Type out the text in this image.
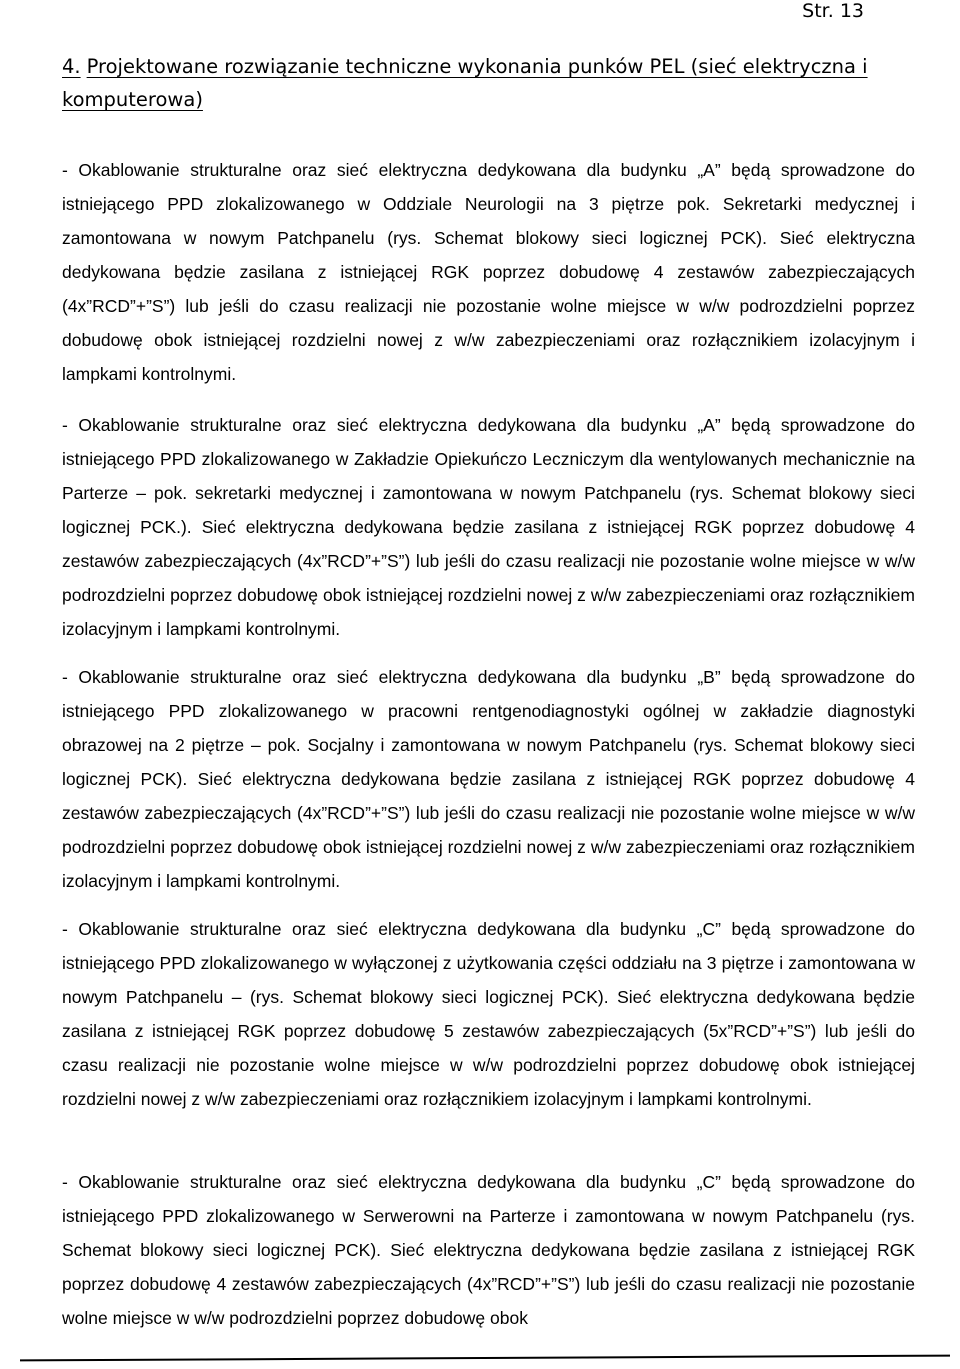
Str. 13
4. Projektowane rozwiązanie techniczne wykonania punków PEL (sieć elektryczna i komputerowa)

- Okablowanie strukturalne oraz sieć elektryczna dedykowana dla budynku „A” będą sprowadzone do istniejącego PPD zlokalizowanego w Oddziale Neurologii na 3 piętrze pok. Sekretarki medycznej i zamontowana w nowym Patchpanelu (rys. Schemat blokowy sieci logicznej PCK). Sieć elektryczna dedykowana będzie zasilana z istniejącej RGK poprzez dobudowę 4 zestawów zabezpieczających (4x”RCD”+”S”) lub jeśli do czasu realizacji nie pozostanie wolne miejsce w w/w podrozdzielni poprzez dobudowę obok istniejącej rozdzielni nowej z w/w zabezpieczeniami oraz rozłącznikiem izolacyjnym i lampkami kontrolnymi.

- Okablowanie strukturalne oraz sieć elektryczna dedykowana dla budynku „A” będą sprowadzone do istniejącego PPD zlokalizowanego w Zakładzie Opiekuńczo Leczniczym dla wentylowanych mechanicznie na Parterze – pok. sekretarki medycznej i zamontowana w nowym Patchpanelu (rys. Schemat blokowy sieci logicznej PCK.). Sieć elektryczna dedykowana będzie zasilana z istniejącej RGK poprzez dobudowę 4 zestawów zabezpieczających (4x”RCD”+”S”) lub jeśli do czasu realizacji nie pozostanie wolne miejsce w w/w podrozdzielni poprzez dobudowę obok istniejącej rozdzielni nowej z w/w zabezpieczeniami oraz rozłącznikiem izolacyjnym i lampkami kontrolnymi.

- Okablowanie strukturalne oraz sieć elektryczna dedykowana dla budynku „B” będą sprowadzone do istniejącego PPD zlokalizowanego w pracowni rentgenodiagnostyki ogólnej w zakładzie diagnostyki obrazowej na 2 piętrze – pok. Socjalny i zamontowana w nowym Patchpanelu (rys. Schemat blokowy sieci logicznej PCK). Sieć elektryczna dedykowana będzie zasilana z istniejącej RGK poprzez dobudowę 4 zestawów zabezpieczających (4x”RCD”+”S”) lub jeśli do czasu realizacji nie pozostanie wolne miejsce w w/w podrozdzielni poprzez dobudowę obok istniejącej rozdzielni nowej z w/w zabezpieczeniami oraz rozłącznikiem izolacyjnym i lampkami kontrolnymi.

- Okablowanie strukturalne oraz sieć elektryczna dedykowana dla budynku „C” będą sprowadzone do istniejącego PPD zlokalizowanego w wyłączonej z użytkowania części oddziału na 3 piętrze i zamontowana w nowym Patchpanelu – (rys. Schemat blokowy sieci logicznej PCK). Sieć elektryczna dedykowana będzie zasilana z istniejącej RGK poprzez dobudowę 5 zestawów zabezpieczających (5x”RCD”+”S”) lub jeśli do czasu realizacji nie pozostanie wolne miejsce w w/w podrozdzielni poprzez dobudowę obok istniejącej rozdzielni nowej z w/w zabezpieczeniami oraz rozłącznikiem izolacyjnym i lampkami kontrolnymi.

- Okablowanie strukturalne oraz sieć elektryczna dedykowana dla budynku „C” będą sprowadzone do istniejącego PPD zlokalizowanego w Serwerowni na Parterze i zamontowana w nowym Patchpanelu (rys. Schemat blokowy sieci logicznej PCK). Sieć elektryczna dedykowana będzie zasilana z istniejącej RGK poprzez dobudowę 4 zestawów zabezpieczających (4x”RCD”+”S”) lub jeśli do czasu realizacji nie pozostanie wolne miejsce w w/w podrozdzielni poprzez dobudowę obok
